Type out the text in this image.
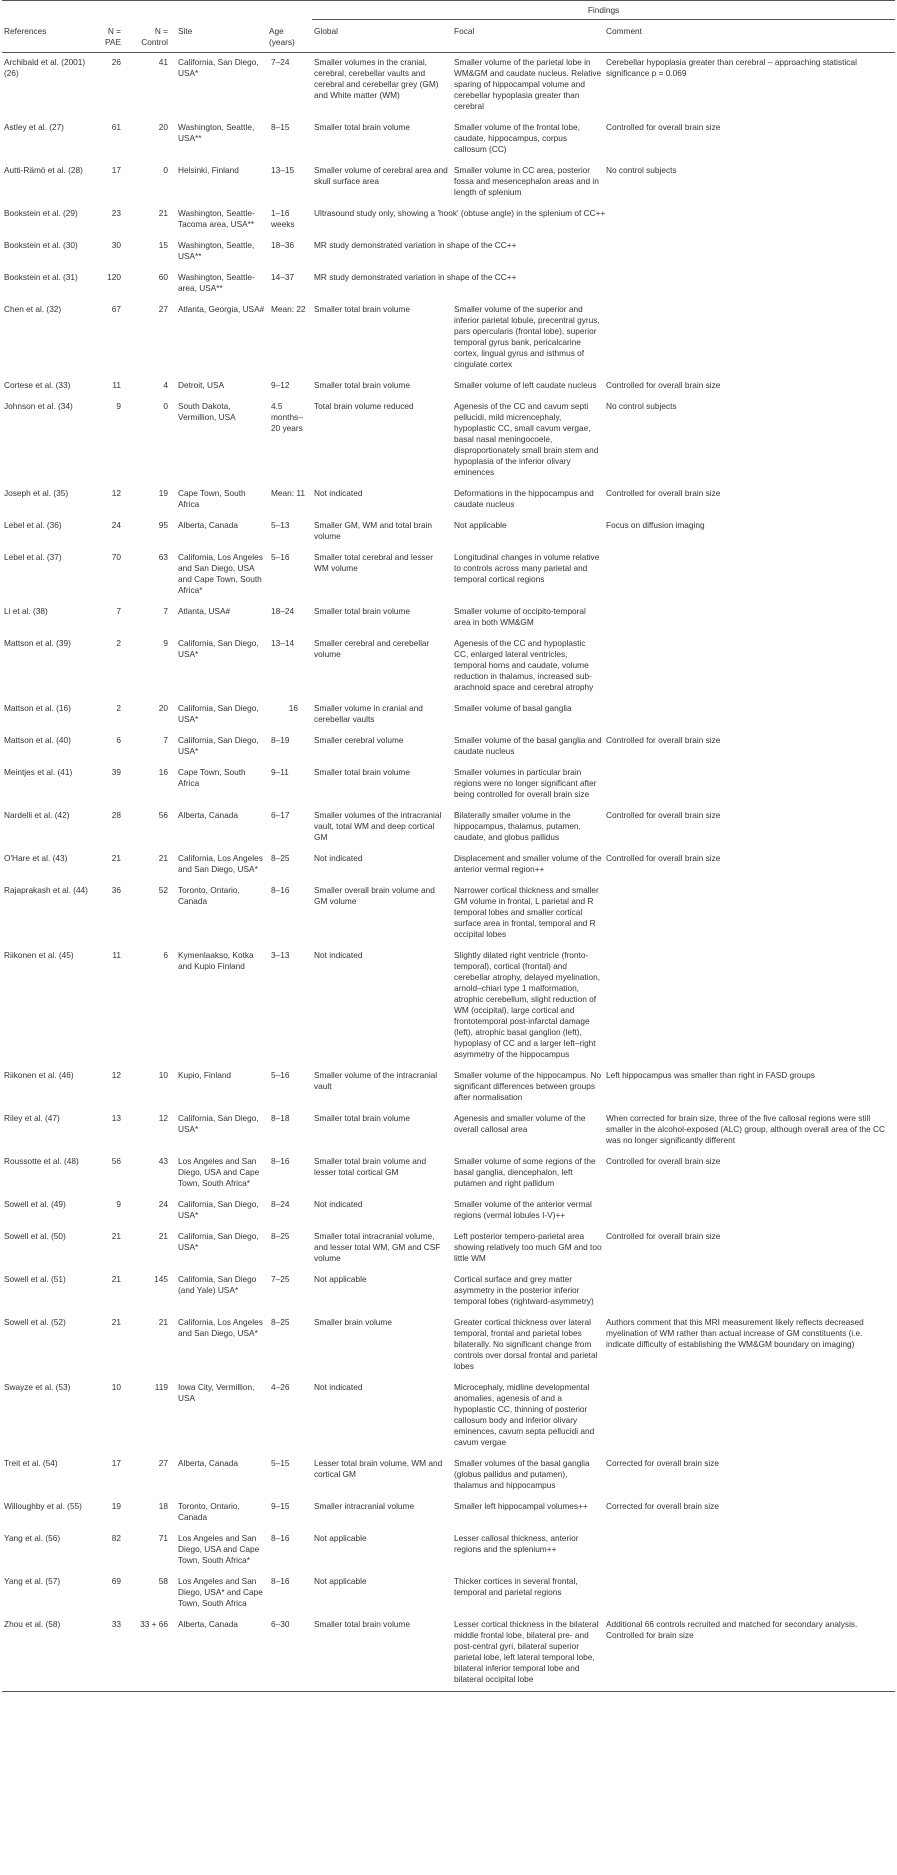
					Findings		
References	N = PAE	N = Control	Site	Age (years)	Global	Focal	Comment
Archibald et al. (2001) (26)	26	41	California, San Diego, USA*	7–24	Smaller volumes in the cranial, cerebral, cerebellar vaults and cerebral and cerebellar grey (GM) and White matter (WM)	Smaller volume of the parietal lobe in WM&GM and caudate nucleus. Relative sparing of hippocampal volume and cerebellar hypoplasia greater than cerebral	Cerebellar hypoplasia greater than cerebral – approaching statistical significance p = 0.069
Astley et al. (27)	61	20	Washington, Seattle, USA**	8–15	Smaller total brain volume	Smaller volume of the frontal lobe, caudate, hippocampus, corpus callosum (CC)	Controlled for overall brain size
Autti-Rämö et al. (28)	17	0	Helsinki, Finland	13–15	Smaller volume of cerebral area and skull surface area	Smaller volume in CC area, posterior fossa and mesencephalon areas and in length of splenium	No control subjects
Bookstein et al. (29)	23	21	Washington, Seattle-Tacoma area, USA**	1–16 weeks	Ultrasound study only, showing a 'hook' (obtuse angle) in the splenium of CC++		
Bookstein et al. (30)	30	15	Washington, Seattle, USA**	18–36	MR study demonstrated variation in shape of the CC++		
Bookstein et al. (31)	120	60	Washington, Seattle-area, USA**	14–37	MR study demonstrated variation in shape of the CC++		
Chen et al. (32)	67	27	Atlanta, Georgia, USA#	Mean: 22	Smaller total brain volume	Smaller volume of the superior and inferior parietal lobule, precentral gyrus, pars opercularis (frontal lobe), superior temporal gyrus bank, pericalcarine cortex, lingual gyrus and isthmus of cingulate cortex	
Cortese et al. (33)	11	4	Detroit, USA	9–12	Smaller total brain volume	Smaller volume of left caudate nucleus	Controlled for overall brain size
Johnson et al. (34)	9	0	South Dakota, Vermillion, USA	4.5 months–20 years	Total brain volume reduced	Agenesis of the CC and cavum septi pellucidi, mild micrencephaly, hypoplastic CC, small cavum vergae, basal nasal meningocoele, disproportionately small brain stem and hypoplasia of the inferior olivary eminences	No control subjects
Joseph et al. (35)	12	19	Cape Town, South Africa	Mean: 11	Not indicated	Deformations in the hippocampus and caudate nucleus	Controlled for overall brain size
Lebel et al. (36)	24	95	Alberta, Canada	5–13	Smaller GM, WM and total brain volume	Not applicable	Focus on diffusion imaging
Lebel et al. (37)	70	63	California, Los Angeles and San Diego, USA and Cape Town, South Africa*	5–16	Smaller total cerebral and lesser WM volume	Longitudinal changes in volume relative to controls across many parietal and temporal cortical regions	
Li et al. (38)	7	7	Atlanta, USA#	18–24	Smaller total brain volume	Smaller volume of occipito-temporal area in both WM&GM	
Mattson et al. (39)	2	9	California, San Diego, USA*	13–14	Smaller cerebral and cerebellar volume	Agenesis of the CC and hypoplastic CC, enlarged lateral ventricles, temporal horns and caudate, volume reduction in thalamus, increased sub-arachnoid space and cerebral atrophy	
Mattson et al. (16)	2	20	California, San Diego, USA*	16	Smaller volume in cranial and cerebellar vaults	Smaller volume of basal ganglia	
Mattson et al. (40)	6	7	California, San Diego, USA*	8–19	Smaller cerebral volume	Smaller volume of the basal ganglia and caudate nucleus	Controlled for overall brain size
Meintjes et al. (41)	39	16	Cape Town, South Africa	9–11	Smaller total brain volume	Smaller volumes in particular brain regions were no longer significant after being controlled for overall brain size	
Nardelli et al. (42)	28	56	Alberta, Canada	6–17	Smaller volumes of the intracranial vault, total WM and deep cortical GM	Bilaterally smaller volume in the hippocampus, thalamus, putamen, caudate, and globus pallidus	Controlled for overall brain size
O'Hare et al. (43)	21	21	California, Los Angeles and San Diego, USA*	8–25	Not indicated	Displacement and smaller volume of the anterior vermal region++	Controlled for overall brain size
Rajaprakash et al. (44)	36	52	Toronto, Ontario, Canada	8–16	Smaller overall brain volume and GM volume	Narrower cortical thickness and smaller GM volume in frontal, L parietal and R temporal lobes and smaller cortical surface area in frontal, temporal and R occipital lobes	
Riikonen et al. (45)	11	6	Kymenlaakso, Kotka and Kupio Finland	3–13	Not indicated	Slightly dilated right ventricle (fronto-temporal), cortical (frontal) and cerebellar atrophy, delayed myelination, arnold–chiari type 1 malformation, atrophic cerebellum, slight reduction of WM (occipital), large cortical and frontotemporal post-infarctal damage (left), atrophic basal ganglion (left), hypoplasy of CC and a larger left–right asymmetry of the hippocampus	
Riikonen et al. (46)	12	10	Kupio, Finland	5–16	Smaller volume of the intracranial vault	Smaller volume of the hippocampus. No significant differences between groups after normalisation	Left hippocampus was smaller than right in FASD groups
Riley et al. (47)	13	12	California, San Diego, USA*	8–18	Smaller total brain volume	Agenesis and smaller volume of the overall callosal area	When corrected for brain size, three of the five callosal regions were still smaller in the alcohol-exposed (ALC) group, although overall area of the CC was no longer significantly different
Roussotte et al. (48)	56	43	Los Angeles and San Diego, USA and Cape Town, South Africa*	8–16	Smaller total brain volume and lesser total cortical GM	Smaller volume of some regions of the basal ganglia, diencephalon, left putamen and right pallidum	Controlled for overall brain size
Sowell et al. (49)	9	24	California, San Diego, USA*	8–24	Not indicated	Smaller volume of the anterior vermal regions (vermal lobules I-V)++	
Sowell et al. (50)	21	21	California, San Diego, USA*	8–25	Smaller total intracranial volume, and lesser total WM, GM and CSF volume	Left posterior tempero-parietal area showing relatively too much GM and too little WM	Controlled for overall brain size
Sowell et al. (51)	21	145	California, San Diego (and Yale) USA*	7–25	Not applicable	Cortical surface and grey matter asymmetry in the posterior inferior temporal lobes (rightward-asymmetry)	
Sowell et al. (52)	21	21	California, Los Angeles and San Diego, USA*	8–25	Smaller brain volume	Greater cortical thickness over lateral temporal, frontal and parietal lobes bilaterally. No significant change from controls over dorsal frontal and parietal lobes	Authors comment that this MRI measurement likely reflects decreased myelination of WM rather than actual increase of GM constituents (i.e. indicate difficulty of establishing the WM&GM boundary on imaging)
Swayze et al. (53)	10	119	Iowa City, Vermillion, USA	4–26	Not indicated	Microcephaly, midline developmental anomalies, agenesis of and a hypoplastic CC, thinning of posterior callosum body and inferior olivary eminences, cavum septa pellucidi and cavum vergae	
Treit et al. (54)	17	27	Alberta, Canada	5–15	Lesser total brain volume, WM and cortical GM	Smaller volumes of the basal ganglia (globus pallidus and putamen), thalamus and hippocampus	Corrected for overall brain size
Willoughby et al. (55)	19	18	Toronto, Ontario, Canada	9–15	Smaller intracranial volume	Smaller left hippocampal volumes++	Corrected for overall brain size
Yang et al. (56)	82	71	Los Angeles and San Diego, USA and Cape Town, South Africa*	8–16	Not applicable	Lesser callosal thickness, anterior regions and the splenium++	
Yang et al. (57)	69	58	Los Angeles and San Diego, USA* and Cape Town, South Africa	8–16	Not applicable	Thicker cortices in several frontal, temporal and parietal regions	
Zhou et al. (58)	33	33 + 66	Alberta, Canada	6–30	Smaller total brain volume	Lesser cortical thickness in the bilateral middle frontal lobe, bilateral pre- and post-central gyri, bilateral superior parietal lobe, left lateral temporal lobe, bilateral inferior temporal lobe and bilateral occipital lobe	Additional 66 controls recruited and matched for secondary analysis. Controlled for brain size
